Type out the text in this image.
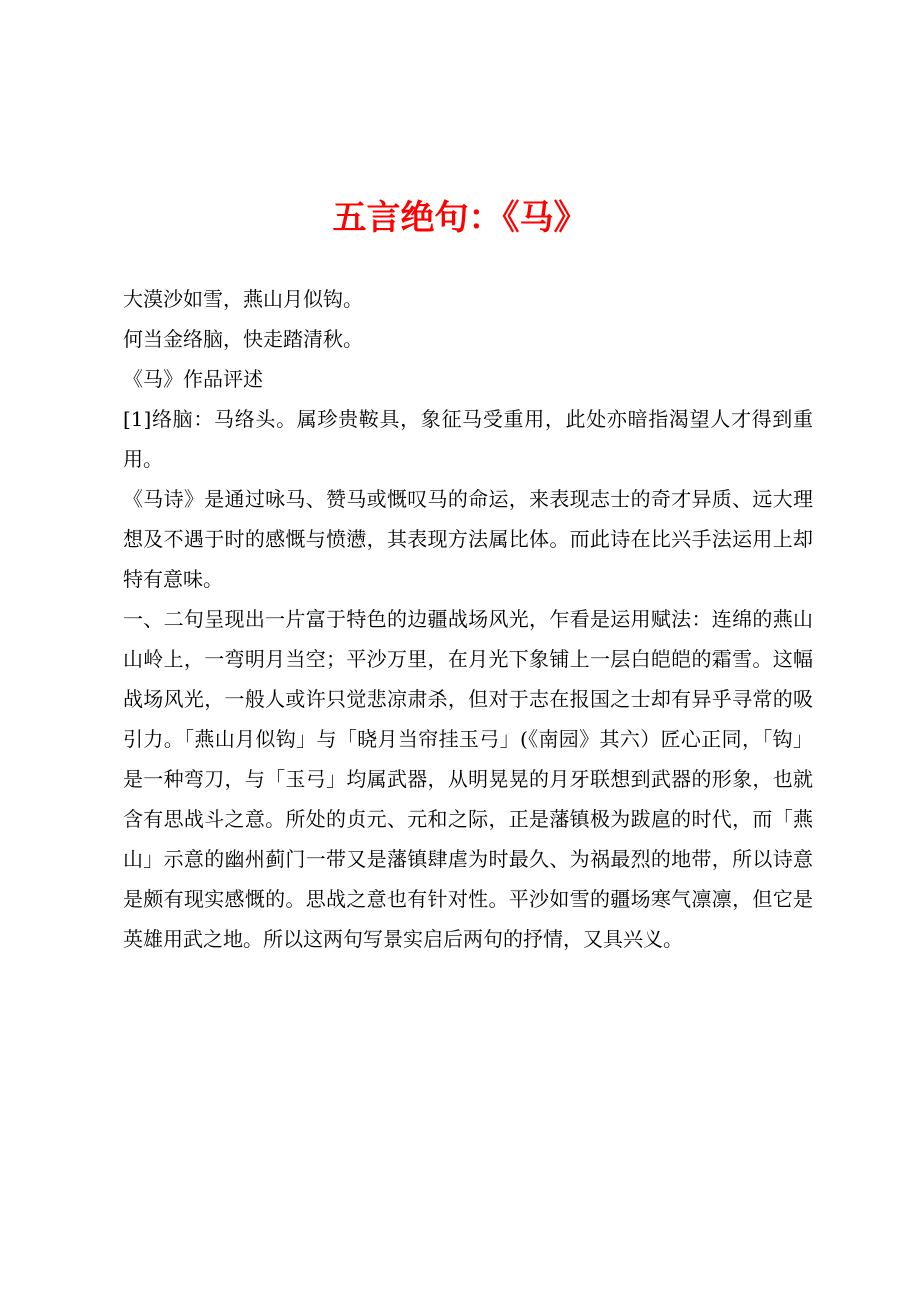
五言绝句：《马》

大漠沙如雪，燕山月似钩。

何当金络脑，快走踏清秋。

《马》作品评述

[1]络脑：马络头。属珍贵鞍具，象征马受重用，此处亦暗指渴望人才得到重用。

《马诗》是通过咏马、赞马或慨叹马的命运，来表现志士的奇才异质、远大理想及不遇于时的感慨与愤懑，其表现方法属比体。而此诗在比兴手法运用上却特有意味。

一、二句呈现出一片富于特色的边疆战场风光，乍看是运用赋法：连绵的燕山山岭上，一弯明月当空；平沙万里，在月光下象铺上一层白皑皑的霜雪。这幅战场风光，一般人或许只觉悲凉肃杀，但对于志在报国之士却有异乎寻常的吸引力。「燕山月似钩」与「晓月当帘挂玉弓」(《南园》其六）匠心正同，「钩」是一种弯刀，与「玉弓」均属武器，从明晃晃的月牙联想到武器的形象，也就含有思战斗之意。所处的贞元、元和之际，正是藩镇极为跋扈的时代，而「燕山」示意的幽州蓟门一带又是藩镇肆虐为时最久、为祸最烈的地带，所以诗意是颇有现实感慨的。思战之意也有针对性。平沙如雪的疆场寒气凛凛，但它是英雄用武之地。所以这两句写景实启后两句的抒情，又具兴义。
